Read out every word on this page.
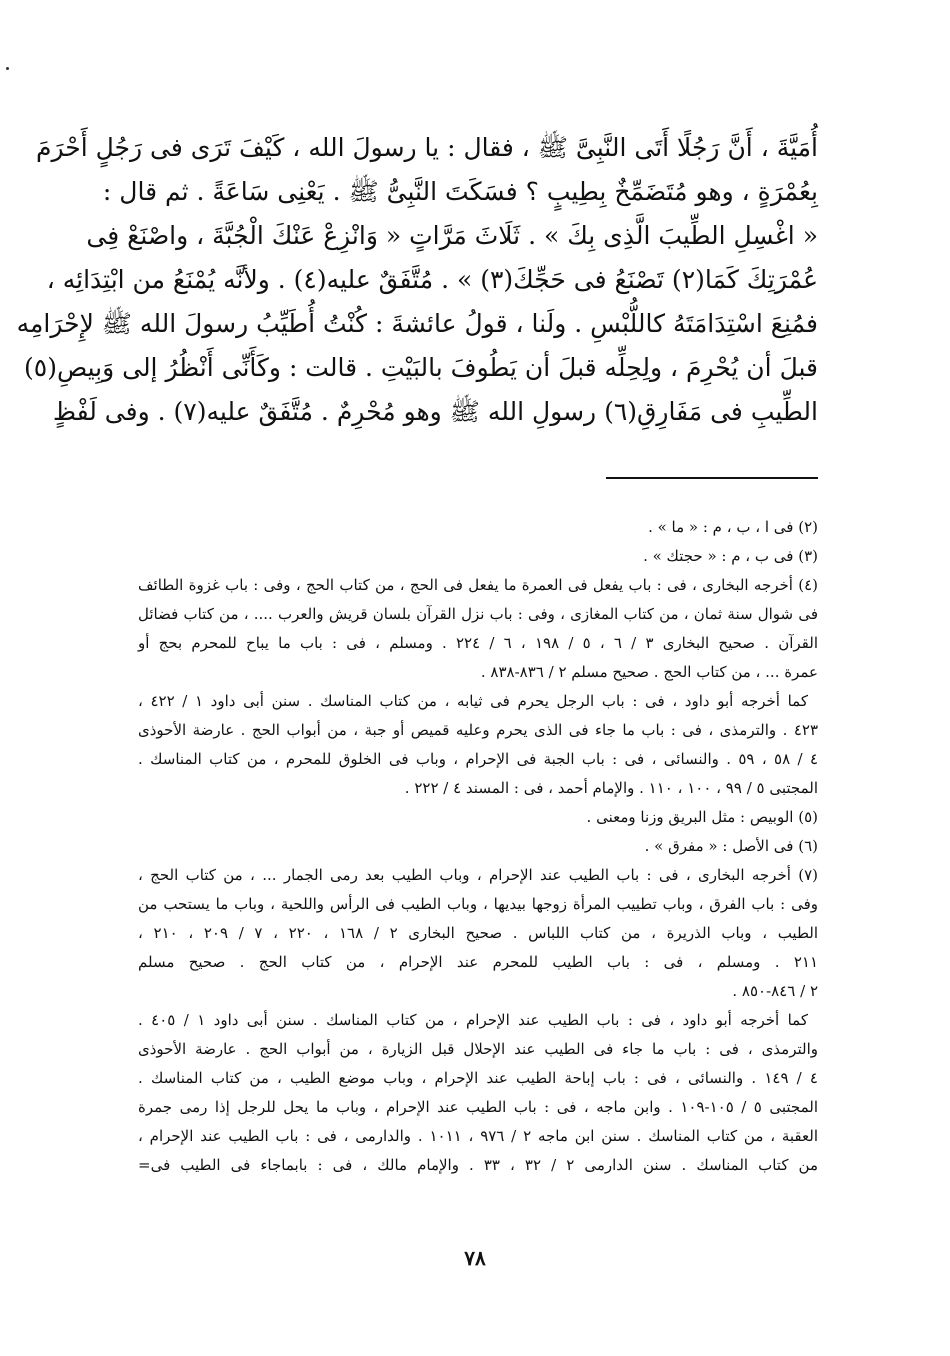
أُمَيَّةَ ، أَنَّ رَجُلًا أَتَى النَّبِىَّ ﷺ ، فقال : يا رسولَ الله ، كَيْفَ تَرَى فى رَجُلٍ أَحْرَمَ
بِعُمْرَةٍ ، وهو مُتَضَمِّخٌ بِطِيبٍ ؟ فسَكَتَ النَّبِىُّ ﷺ . يَعْنِى سَاعَةً . ثم قال :
« اغْسِلِ الطِّيبَ الَّذِى بِكَ » . ثَلَاثَ مَرَّاتٍ « وَانْزِعْ عَنْكَ الْجُبَّةَ ، واصْنَعْ فِى
عُمْرَتِكَ كَمَا(٢) تَصْنَعُ فى حَجِّكَ(٣) » . مُتَّفَقٌ عليه(٤) . ولأنَّه يُمْنَعُ من ابْتِدَائِه ،
فمُنِعَ اسْتِدَامَتَهُ كاللُّبْسِ . ولَنا ، قولُ عائشةَ : كُنْتُ أُطَيِّبُ رسولَ الله ﷺ لإِحْرَامِه
قبلَ أن يُحْرِمَ ، ولِحِلِّه قبلَ أن يَطُوفَ بالبَيْتِ . قالت : وكَأَنِّى أَنْظُرُ إلى وَبِيصِ(٥)
الطِّيبِ فى مَفَارِقِ(٦) رسولِ الله ﷺ وهو مُحْرِمٌ . مُتَّفَقٌ عليه(٧) . وفى لَفْظٍ
(٢) فى ا ، ب ، م : « ما » .
(٣) فى ب ، م : « حجتك » .
(٤) أخرجه البخارى ، فى : باب يفعل فى العمرة ما يفعل فى الحج ، من كتاب الحج ، وفى : باب غزوة الطائف
فى شوال سنة ثمان ، من كتاب المغازى ، وفى : باب نزل القرآن بلسان قريش والعرب .... ، من كتاب فضائل
القرآن . صحيح البخارى ٣ / ٦ ، ٥ / ١٩٨ ، ٦ / ٢٢٤ . ومسلم ، فى : باب ما يباح للمحرم بحج أو
عمرة ... ، من كتاب الحج . صحيح مسلم ٢ / ٨٣٦-٨٣٨ .
كما أخرجه أبو داود ، فى : باب الرجل يحرم فى ثيابه ، من كتاب المناسك . سنن أبى داود ١ / ٤٢٢ ،
٤٢٣ . والترمذى ، فى : باب ما جاء فى الذى يحرم وعليه قميص أو جبة ، من أبواب الحج . عارضة الأحوذى
٤ / ٥٨ ، ٥٩ . والنسائى ، فى : باب الجبة فى الإحرام ، وباب فى الخلوق للمحرم ، من كتاب المناسك .
المجتبى ٥ / ٩٩ ، ١٠٠ ، ١١٠ . والإمام أحمد ، فى : المسند ٤ / ٢٢٢ .
(٥) الوبيص : مثل البريق وزنا ومعنى .
(٦) فى الأصل : « مفرق » .
(٧) أخرجه البخارى ، فى : باب الطيب عند الإحرام ، وباب الطيب بعد رمى الجمار ... ، من كتاب الحج ،
وفى : باب الفرق ، وباب تطييب المرأة زوجها بيديها ، وباب الطيب فى الرأس واللحية ، وباب ما يستحب من
الطيب ، وباب الذريرة ، من كتاب اللباس . صحيح البخارى ٢ / ١٦٨ ، ٢٢٠ ، ٧ / ٢٠٩ ، ٢١٠ ،
٢١١ . ومسلم ، فى : باب الطيب للمحرم عند الإحرام ، من كتاب الحج . صحيح مسلم
٢ / ٨٤٦-٨٥٠ .
كما أخرجه أبو داود ، فى : باب الطيب عند الإحرام ، من كتاب المناسك . سنن أبى داود ١ / ٤٠٥ .
والترمذى ، فى : باب ما جاء فى الطيب عند الإحلال قبل الزيارة ، من أبواب الحج . عارضة الأحوذى
٤ / ١٤٩ . والنسائى ، فى : باب إباحة الطيب عند الإحرام ، وباب موضع الطيب ، من كتاب المناسك .
المجتبى ٥ / ١٠٥-١٠٩ . وابن ماجه ، فى : باب الطيب عند الإحرام ، وباب ما يحل للرجل إذا رمى جمرة
العقبة ، من كتاب المناسك . سنن ابن ماجه ٢ / ٩٧٦ ، ١٠١١ . والدارمى ، فى : باب الطيب عند الإحرام ،
من كتاب المناسك . سنن الدارمى ٢ / ٣٢ ، ٣٣ . والإمام مالك ، فى : بابماجاء فى الطيب فى=
٧٨
